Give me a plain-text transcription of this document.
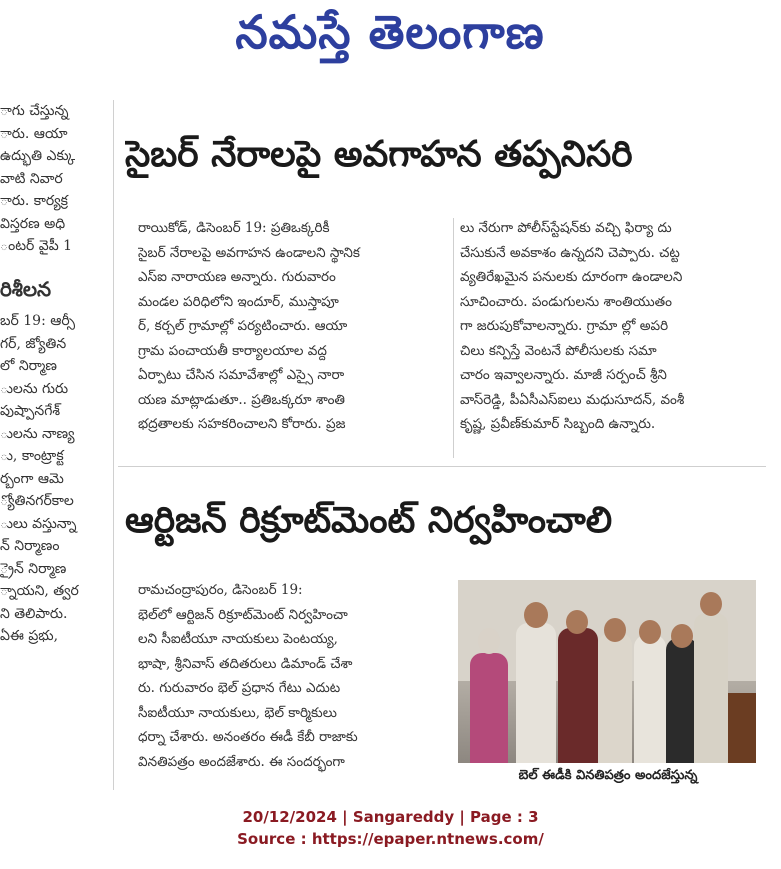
నమస్తే తెలంగాణ
ాగు చేస్తున్న
ారు. ఆయా
ఉద్భుతి ఎక్కు
వాటి నివార
ారు. కార్యక్ర
విస్తరణ అధి
ంటర్ వైపీ 1
రిశీలన
బర్ 19: ఆర్సీ
గర్, జ్యోతిన
లో నిర్మాణ
ులను గురు
పుష్పానగేశ్
ులను నాణ్య
ు, కాంట్రాక్ట
ర్బంగా ఆమె
్యోతినగర్‌కాల
ులు వస్తున్నా
న్ నిర్మాణం
్రైన్ నిర్మాణ
్నాయని, త్వర
ని తెలిపారు.
ఏఈ ప్రభు,
సైబర్ నేరాలపై అవగాహన తప్పనిసరి
రాయికోడ్, డిసెంబర్ 19: ప్రతిఒక్కరికీ
సైబర్ నేరాలపై అవగాహన ఉండాలని స్థానిక
ఎస్ఐ నారాయణ అన్నారు. గురువారం
మండల పరిధిలోని ఇందూర్, ముస్తాపూ
ర్, కర్చల్ గ్రామాల్లో పర్యటించారు. ఆయా
గ్రామ పంచాయతీ కార్యాలయాల వద్ద
ఏర్పాటు చేసిన సమావేశాల్లో ఎస్సై నారా
యణ మాట్లాడుతూ.. ప్రతిఒక్కరూ శాంతి
భద్రతాలకు సహకరించాలని కోరారు. ప్రజ
లు నేరుగా పోలీస్‌స్టేషన్‌కు వచ్చి ఫిర్యా దు
చేసుకునే అవకాశం ఉన్నదని చెప్పారు. చట్ట
వ్యతిరేఖమైన పనులకు దూరంగా ఉండాలని
సూచించారు. పండుగులను శాంతియుతం
గా జరుపుకోవాలన్నారు. గ్రామా ల్లో అపరి
చిలు కన్పిస్తే వెంటనే పోలీసులకు సమా
చారం ఇవ్వాలన్నారు. మాజీ సర్పంచ్ శ్రీని
వాస్‌రెడ్డి, పీఏసీఎస్‌ఐలు మధుసూదన్, వంశీ
కృష్ణ, ప్రవీణ్‌కుమార్ సిబ్బంది ఉన్నారు.
ఆర్టిజన్ రిక్రూట్‌మెంట్ నిర్వహించాలి
రామచంద్రాపురం, డిసెంబర్ 19:
భెల్‌లో ఆర్టిజన్ రిక్రూట్‌మెంట్ నిర్వహించా
లని సీఐటీయూ నాయకులు పెంటయ్య,
భాషా, శ్రీనివాస్ తదితరులు డిమాండ్ చేశా
రు. గురువారం భెల్ ప్రధాన గేటు ఎదుట
సీఐటీయూ నాయకులు, భెల్ కార్మికులు
ధర్నా చేశారు. అనంతరం ఈడీ కేబీ రాజాకు
వినతిపత్రం అందజేశారు. ఈ సందర్భంగా
బెల్ ఈడీకి వినతిపత్రం అందజేస్తున్న
20/12/2024 | Sangareddy | Page : 3
Source : https://epaper.ntnews.com/
